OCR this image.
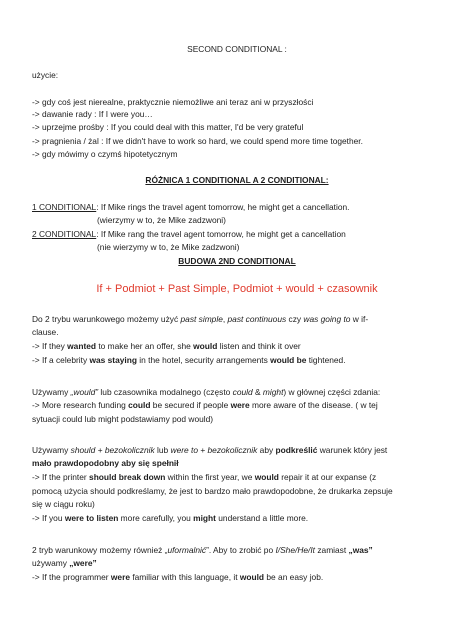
SECOND CONDITIONAL :
użycie:
-> gdy coś jest nierealne, praktycznie niemożliwe ani teraz ani w przyszłości
-> dawanie rady : If I were you…
-> uprzejme prośby : If you could deal with this matter, I'd be very grateful
-> pragnienia / żal : If we didn't have to work so hard, we could spend more time together.
-> gdy mówimy o czymś hipotetycznym
RÓŻNICA 1 CONDITIONAL A 2 CONDITIONAL:
1 CONDITIONAL: If Mike rings the travel agent tomorrow, he might get a cancellation.
(wierzymy w to, że Mike zadzwoni)
2 CONDITIONAL: If Mike rang the travel agent tomorrow, he might get a cancellation
(nie wierzymy w to, że Mike zadzwoni)
BUDOWA 2ND CONDITIONAL
If + Podmiot + Past Simple, Podmiot + would + czasownik
Do 2 trybu warunkowego możemy użyć past simple, past continuous czy was going to w if-
clause.
-> If they wanted to make her an offer, she would listen and think it over
-> If a celebrity was staying in the hotel, security arrangements would be tightened.
Używamy „would” lub czasownika modalnego (często could & might) w głównej części zdania:
-> More research funding could be secured if people were more aware of the disease. ( w tej
sytuacji could lub might podstawiamy pod would)
Używamy should + bezokolicznik lub were to + bezokolicznik aby podkreślić warunek który jest
mało prawdopodobny aby się spełnił
-> If the printer should break down within the first year, we would repair it at our expanse (z
pomocą użycia should podkreślamy, że jest to bardzo mało prawdopodobne, że drukarka zepsuje
się w ciągu roku)
-> If you were to listen more carefully, you might understand a little more.
2 tryb warunkowy możemy również „uformalnić”. Aby to zrobić po I/She/He/It zamiast „was”
używamy „were”
-> If the programmer were familiar with this language, it would be an easy job.
